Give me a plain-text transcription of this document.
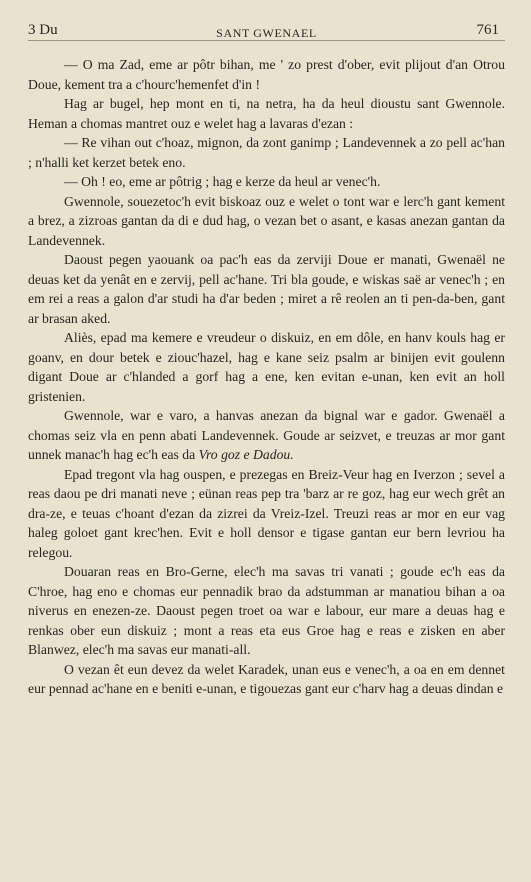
3 Du	SANT GWENAEL	761

— O ma Zad, eme ar pôtr bihan, me ' zo prest d'ober, evit plijout d'an Otrou Doue, kement tra a c'hourc'hemenfet d'in !

Hag ar bugel, hep mont en ti, na netra, ha da heul dioustu sant Gwennole. Heman a chomas mantret ouz e welet hag a lavaras d'ezan :

— Re vihan out c'hoaz, mignon, da zont ganimp ; Landevennek a zo pell ac'han ; n'halli ket kerzet betek eno.

— Oh ! eo, eme ar pôtrig ; hag e kerze da heul ar venec'h.

Gwennole, souezetoc'h evit biskoaz ouz e welet o tont war e lerc'h gant kement a brez, a zizroas gantan da di e dud hag, o vezan bet o asant, e kasas anezan gantan da Landevennek.

Daoust pegen yaouank oa pac'h eas da zerviji Doue er manati, Gwenaël ne deuas ket da yenât en e zervij, pell ac'hane. Tri bla goude, e wiskas saë ar venec'h ; en em rei a reas a galon d'ar studi ha d'ar beden ; miret a rê reolen an ti pen-da-ben, gant ar brasan aked.

Aliès, epad ma kemere e vreudeur o diskuiz, en em dôle, en hanv kouls hag er goanv, en dour betek e ziouc'hazel, hag e kane seiz psalm ar binijen evit goulenn digant Doue ar c'hlanded a gorf hag a ene, ken evitan e-unan, ken evit an holl gristenien.

Gwennole, war e varo, a hanvas anezan da bignal war e gador. Gwenaël a chomas seiz vla en penn abati Landevennek. Goude ar seizvet, e treuzas ar mor gant unnek manac'h hag ec'h eas da Vro goz e Dadou.

Epad tregont vla hag ouspen, e prezegas en Breiz-Veur hag en Iverzon ; sevel a reas daou pe dri manati neve ; eünan reas pep tra 'barz ar re goz, hag eur wech grêt an dra-ze, e teuas c'hoant d'ezan da zizrei da Vreiz-Izel. Treuzi reas ar mor en eur vag haleg goloet gant krec'hen. Evit e holl densor e tigase gantan eur bern levriou ha relegou.

Douaran reas en Bro-Gerne, elec'h ma savas tri vanati ; goude ec'h eas da C'hroe, hag eno e chomas eur pennadik brao da adstumman ar manatiou bihan a oa niverus en enezen-ze. Daoust pegen troet oa war e labour, eur mare a deuas hag e renkas ober eun diskuiz ; mont a reas eta eus Groe hag e reas e zisken en aber Blanwez, elec'h ma savas eur manati-all.

O vezan êt eun devez da welet Karadek, unan eus e venec'h, a oa en em dennet eur pennad ac'hane en e beniti e-unan, e tigouezas gant eur c'harv hag a deuas dindan e
